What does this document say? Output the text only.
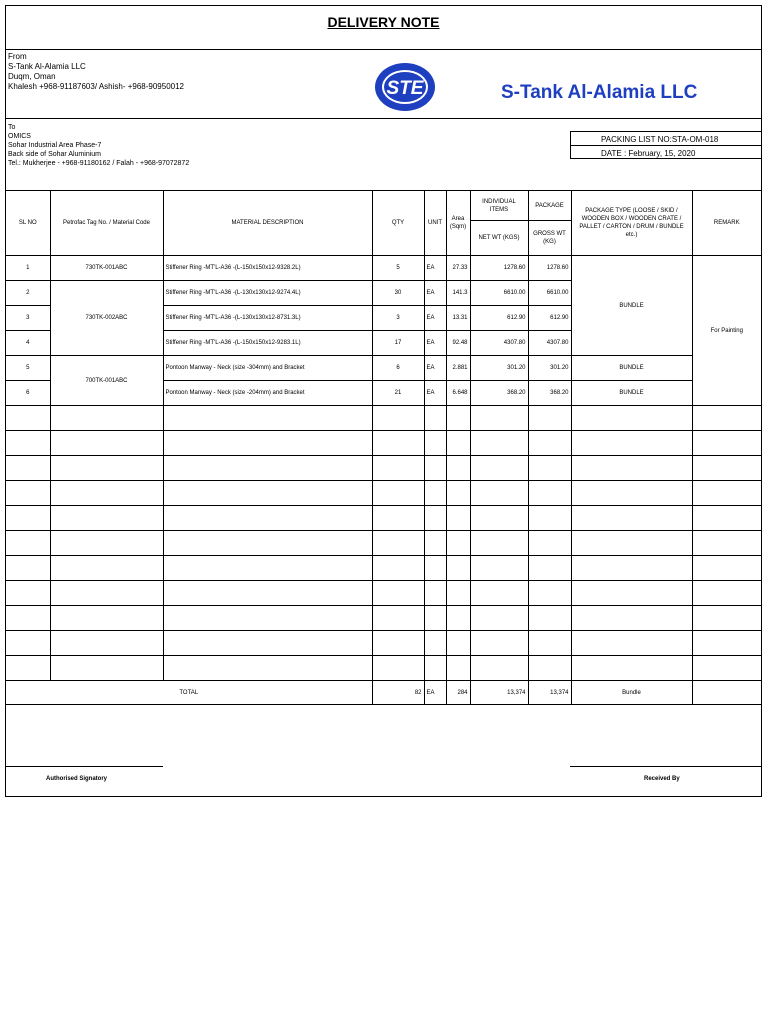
DELIVERY NOTE
From
S-Tank Al-Alamia LLC
Duqm, Oman
Khalesh +968-91187603/ Ashish- +968-90950012	STE	S-Tank Al-Alamia LLC
To
OMICS
Sohar Industrial Area Phase-7
Back side of Sohar Aluminium
Tel.: Mukherjee - +968-91180162 / Falah - +968-97072872
PACKING LIST NO:STA-OM-018
DATE : February, 15, 2020
SL NO	Petrofac Tag No. / Material Code	MATERIAL DESCRIPTION	QTY	UNIT	Area (Sqm)	INDIVIDUAL ITEMS	PACKAGE	PACKAGE TYPE (LOOSE / SKID / WOODEN BOX / WOODEN CRATE / PALLET / CARTON / DRUM / BUNDLE etc.)	REMARK
						NET WT (KGS)	GROSS WT (KG)		
1	730TK-001ABC	Stiffener Ring -MT'L-A36 -(L-150x150x12-9328.2L)	5	EA	27.33	1278.60	1278.60	BUNDLE	For Painting
2	730TK-002ABC	Stiffener Ring -MT'L-A36 -(L-130x130x12-9274.4L)	30	EA	141.3	6610.00	6610.00		
3		Stiffener Ring -MT'L-A36 -(L-130x130x12-8731.3L)	3	EA	13.31	612.90	612.90		
4		Stiffener Ring -MT'L-A36 -(L-150x150x12-9283.1L)	17	EA	92.48	4307.80	4307.80		
5	700TK-001ABC	Pontoon Manway - Neck (size -304mm) and Bracket	6	EA	2.881	301.20	301.20	BUNDLE	
6		Pontoon Manway - Neck (size -204mm) and Bracket	21	EA	6.648	368.20	368.20	BUNDLE	

TOTAL			82	EA	284	13,374	13,374	Bundle	
Authorised Signatory	Received By
